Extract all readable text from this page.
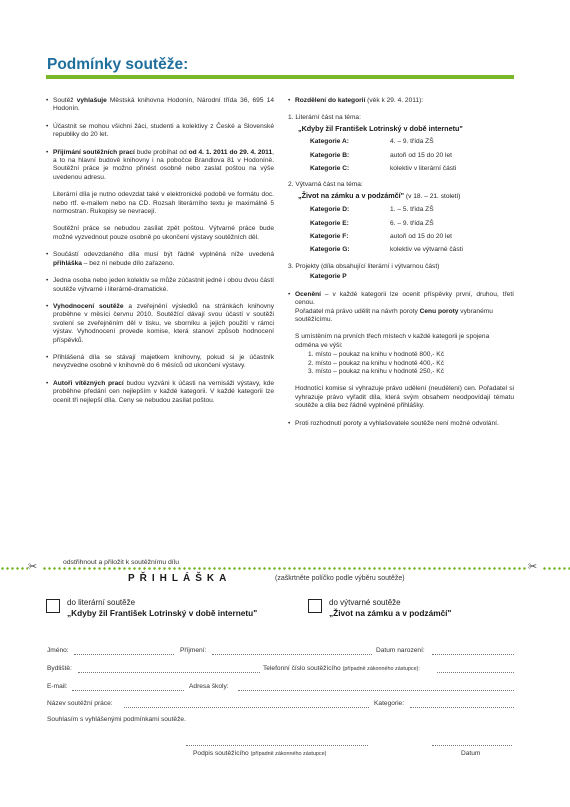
Podmínky soutěže:

• Soutěž vyhlašuje Městská knihovna Hodonín, Národní třída 36, 695 14 Hodonín.

• Účastnit se mohou všichni žáci, studenti a kolektivy z České a Slovenské republiky do 20 let.

• Přijímání soutěžních prací bude probíhat od od 4. 1. 2011 do 29. 4. 2011, a to na hlavní budově knihovny i na pobočce Brandlova 81 v Hodoníně. Soutěžní práce je možno přinést osobně nebo zaslat poštou na výše uvedenou adresu.

Literární díla je nutno odevzdat také v elektronické podobě ve formátu doc. nebo rtf. e-mailem nebo na CD. Rozsah literárního textu je maximálně 5 normostran. Rukopisy se nevracejí.

Soutěžní práce se nebudou zasílat zpět poštou. Výtvarné práce bude možné vyzvednout pouze osobně po ukončení výstavy soutěžních děl.

• Součástí odevzdaného díla musí být řádně vyplněná níže uvedená přihláška – bez ní nebude dílo zařazeno.

• Jedna osoba nebo jeden kolektiv se může zúčastnit jedné i obou dvou částí soutěže výtvarné i literárně-dramatické.

• Vyhodnocení soutěže a zveřejnění výsledků na stránkách knihovny proběhne v měsíci červnu 2010. Soutěžící dávají svou účastí v soutěži svolení se zveřejněním děl v tisku, ve sborníku a jejich použití v rámci výstav. Vyhodnocení provede komise, která stanoví způsob hodnocení příspěvků.

• Přihlášená díla se stávají majetkem knihovny, pokud si je účastník nevyzvedne osobně v knihovně do 6 měsíců od ukončení výstavy.

• Autoři vítězných prací budou vyzváni k účasti na vernisáži výstavy, kde proběhne předání cen nejlepším v každé kategorii. V každé kategorii lze ocenit tři nejlepší díla. Ceny se nebudou zasílat poštou.

• Rozdělení do kategorií (věk k 29. 4. 2011):

1. Literární část na téma:
„Kdyby žil František Lotrinský v době internetu"
Kategorie A:	4. – 9. třída ZŠ
Kategorie B:	autoři od 15 do 20 let
Kategorie C:	kolektiv v literární části
2. Výtvarná část na téma:
„Život na zámku a v podzámčí" (v 18. – 21. století)
Kategorie D:	1. – 5. třída ZŠ
Kategorie E:	6. – 9. třída ZŠ
Kategorie F:	autoři od 15 do 20 let
Kategorie G:	kolektiv ve výtvarné části
3. Projekty (díla obsahující literární i výtvarnou část)
Kategorie P

• Ocenění – v každé kategorii lze ocenit příspěvky první, druhou, třetí cenou.

Pořadatel má právo udělit na návrh poroty Cenu poroty vybranému soutěžícímu.

S umístěním na prvních třech místech v každé kategorii je spojena odměna ve výši:

1. místo – poukaz na knihu v hodnotě 800,- Kč
2. místo – poukaz na knihu v hodnotě 400,- Kč
3. místo – poukaz na knihu v hodnotě 250,- Kč

Hodnotící komise si vyhrazuje právo udělení (neudělení) cen. Pořadatel si vyhrazuje právo vyřadit díla, která svým obsahem neodpovídají tématu soutěže a dila bez řádně vyplněné přihlášky.

• Proti rozhodnutí poroty a vyhlašovatele soutěže není možné odvolání.

✂	✂
odstřihnout a přiložit k soutěžnímu dílu
PŘIHLÁŠKA	(zaškrtněte políčko podle výběru soutěže)
do literární soutěže
„Kdyby žil František Lotrinský v době internetu"
do výtvarné soutěže
„Život na zámku a v podzámčí"
Jméno:	Příjmení:	Datum narození:
Bydliště:	Telefonní číslo soutěžícího (případně zákonného zástupce):
E-mail:	Adresa školy:
Název soutěžní práce:	Kategorie:
Souhlasím s vyhlášenými podmínkami soutěže.
Podpis soutěžícího (případně zákonného zástupce)	Datum
